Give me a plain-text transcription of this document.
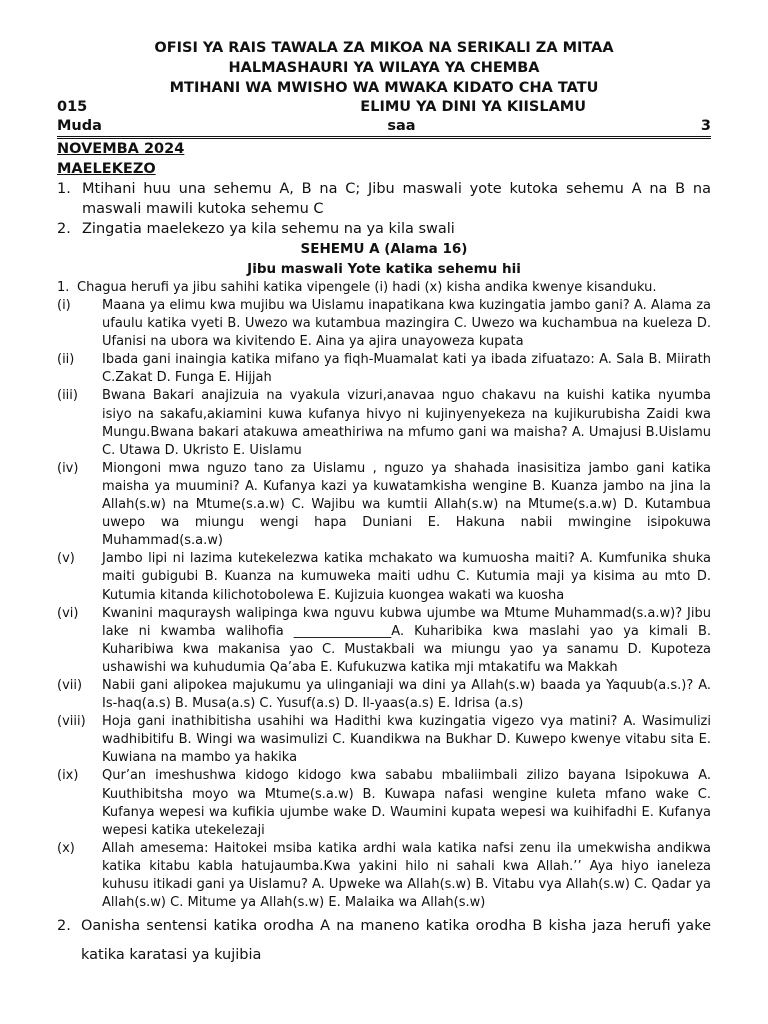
OFISI YA RAIS TAWALA ZA MIKOA NA SERIKALI ZA MITAA
HALMASHAURI YA WILAYA YA CHEMBA
MTIHANI WA MWISHO WA MWAKA KIDATO CHA TATU
015	ELIMU YA DINI YA KIISLAMU
Muda	saa	3
NOVEMBA 2024
MAELEKEZO
1. Mtihani huu una sehemu A, B na C; Jibu maswali yote kutoka sehemu A na B na maswali mawili kutoka sehemu C
2. Zingatia maelekezo ya kila sehemu na ya kila swali
SEHEMU A (Alama 16)
Jibu maswali Yote katika sehemu hii
1. Chagua herufi ya jibu sahihi katika vipengele (i) hadi (x) kisha andika kwenye kisanduku.
(i)	Maana ya elimu kwa mujibu wa Uislamu inapatikana kwa kuzingatia jambo gani? A. Alama za ufaulu katika vyeti B. Uwezo wa kutambua mazingira C. Uwezo wa kuchambua na kueleza D. Ufanisi na ubora wa kivitendo E. Aina ya ajira unayoweza kupata
(ii)	Ibada gani inaingia katika mifano ya fiqh-Muamalat kati ya ibada zifuatazo: A. Sala B. Miirath C.Zakat D. Funga E. Hijjah
(iii)	Bwana Bakari anajizuia na vyakula vizuri,anavaa nguo chakavu na kuishi katika nyumba isiyo na sakafu,akiamini kuwa kufanya hivyo ni kujinyenyekeza na kujikurubisha Zaidi kwa Mungu.Bwana bakari atakuwa ameathiriwa na mfumo gani wa maisha? A. Umajusi B.Uislamu C. Utawa D. Ukristo E. Uislamu
(iv)	Miongoni mwa nguzo tano za Uislamu , nguzo ya shahada inasisitiza jambo gani katika maisha ya muumini? A. Kufanya kazi ya kuwatamkisha wengine B. Kuanza jambo na jina la Allah(s.w) na Mtume(s.a.w) C. Wajibu wa kumtii Allah(s.w) na Mtume(s.a.w) D. Kutambua uwepo wa miungu wengi hapa Duniani E. Hakuna nabii mwingine isipokuwa Muhammad(s.a.w)
(v)	Jambo lipi ni lazima kutekelezwa katika mchakato wa kumuosha maiti? A. Kumfunika shuka maiti gubigubi B. Kuanza na kumuweka maiti udhu C. Kutumia maji ya kisima au mto D. Kutumia kitanda kilichotobolewa E. Kujizuia kuongea wakati wa kuosha
(vi)	Kwanini maquraysh walipinga kwa nguvu kubwa ujumbe wa Mtume Muhammad(s.a.w)? Jibu lake ni kwamba walihofia _______________A. Kuharibika kwa maslahi yao ya kimali B. Kuharibiwa kwa makanisa yao C. Mustakbali wa miungu yao ya sanamu D. Kupoteza ushawishi wa kuhudumia Qa’aba E. Kufukuzwa katika mji mtakatifu wa Makkah
(vii)	Nabii gani alipokea majukumu ya ulinganiaji wa dini ya Allah(s.w) baada ya Yaquub(a.s.)? A. Is-haq(a.s) B. Musa(a.s) C. Yusuf(a.s) D. Il-yaas(a.s) E. Idrisa (a.s)
(viii)	Hoja gani inathibitisha usahihi wa Hadithi kwa kuzingatia vigezo vya matini? A. Wasimulizi wadhibitifu B. Wingi wa wasimulizi C. Kuandikwa na Bukhar D. Kuwepo kwenye vitabu sita E. Kuwiana na mambo ya hakika
(ix)	Qur’an imeshushwa kidogo kidogo kwa sababu mbaliimbali zilizo bayana Isipokuwa A. Kuuthibitsha moyo wa Mtume(s.a.w) B. Kuwapa nafasi wengine kuleta mfano wake C. Kufanya wepesi wa kufikia ujumbe wake D. Waumini kupata wepesi wa kuihifadhi E. Kufanya wepesi katika utekelezaji
(x)	Allah amesema: Haitokei msiba katika ardhi wala katika nafsi zenu ila umekwisha andikwa katika kitabu kabla hatujaumba.Kwa yakini hilo ni sahali kwa Allah.’’ Aya hiyo ianeleza kuhusu itikadi gani ya Uislamu? A. Upweke wa Allah(s.w) B. Vitabu vya Allah(s.w) C. Qadar ya Allah(s.w) C. Mitume ya Allah(s.w) E. Malaika wa Allah(s.w)
2. Oanisha sentensi katika orodha A na maneno katika orodha B kisha jaza herufi yake katika karatasi ya kujibia
